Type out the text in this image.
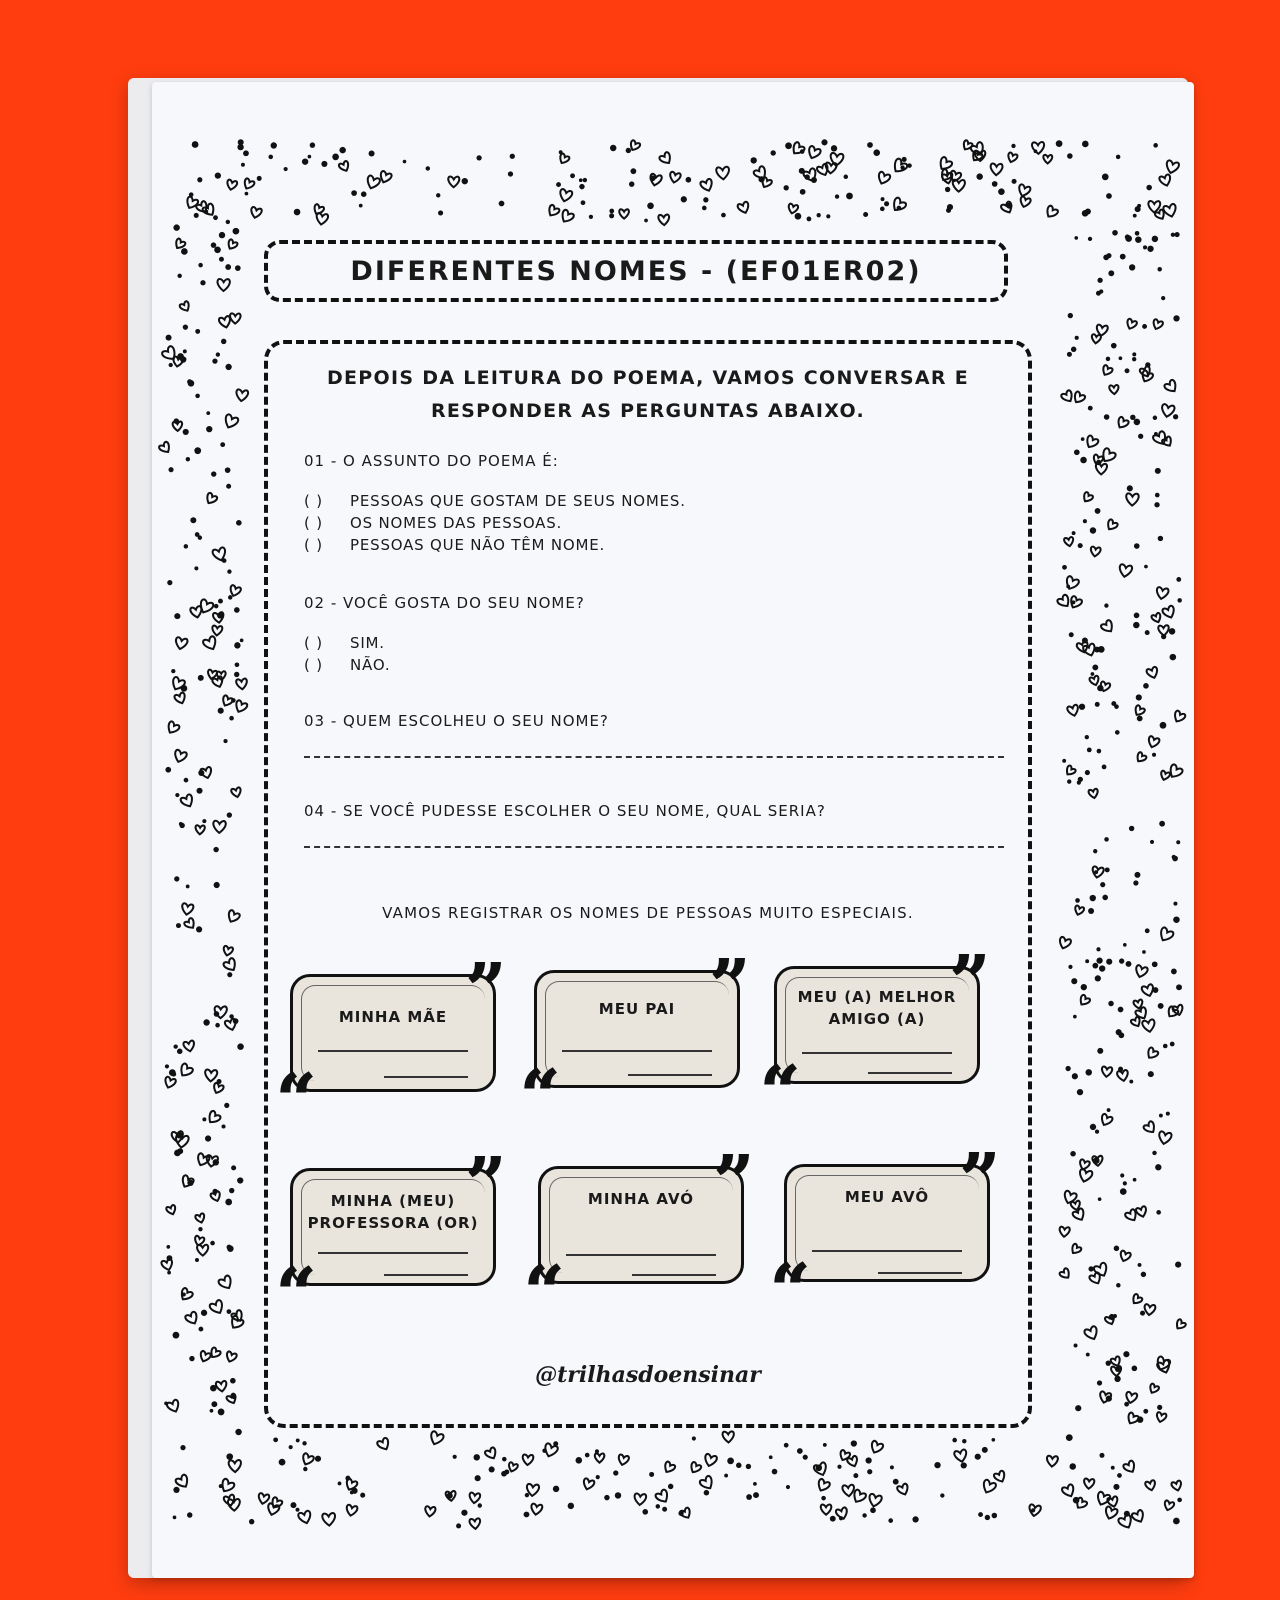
DIFERENTES NOMES - (EF01ER02)
DEPOIS DA LEITURA DO POEMA, VAMOS CONVERSAR E
RESPONDER AS PERGUNTAS ABAIXO.
01 - O ASSUNTO DO POEMA É:
( ) PESSOAS QUE GOSTAM DE SEUS NOMES.
( ) OS NOMES DAS PESSOAS.
( ) PESSOAS QUE NÃO TÊM NOME.
02 - VOCÊ GOSTA DO SEU NOME?
( ) SIM.
( ) NÃO.
03 - QUEM ESCOLHEU O SEU NOME?
04 - SE VOCÊ PUDESSE ESCOLHER O SEU NOME, QUAL SERIA?
VAMOS REGISTRAR OS NOMES DE PESSOAS MUITO ESPECIAIS.
”
MINHA MÃE
“
”
MEU PAI
“
”
MEU (A) MELHOR
AMIGO (A)
“
”
MINHA (MEU)
PROFESSORA (OR)
“
”
MINHA AVÓ
“
”
MEU AVÔ
“
@trilhasdoensinar
